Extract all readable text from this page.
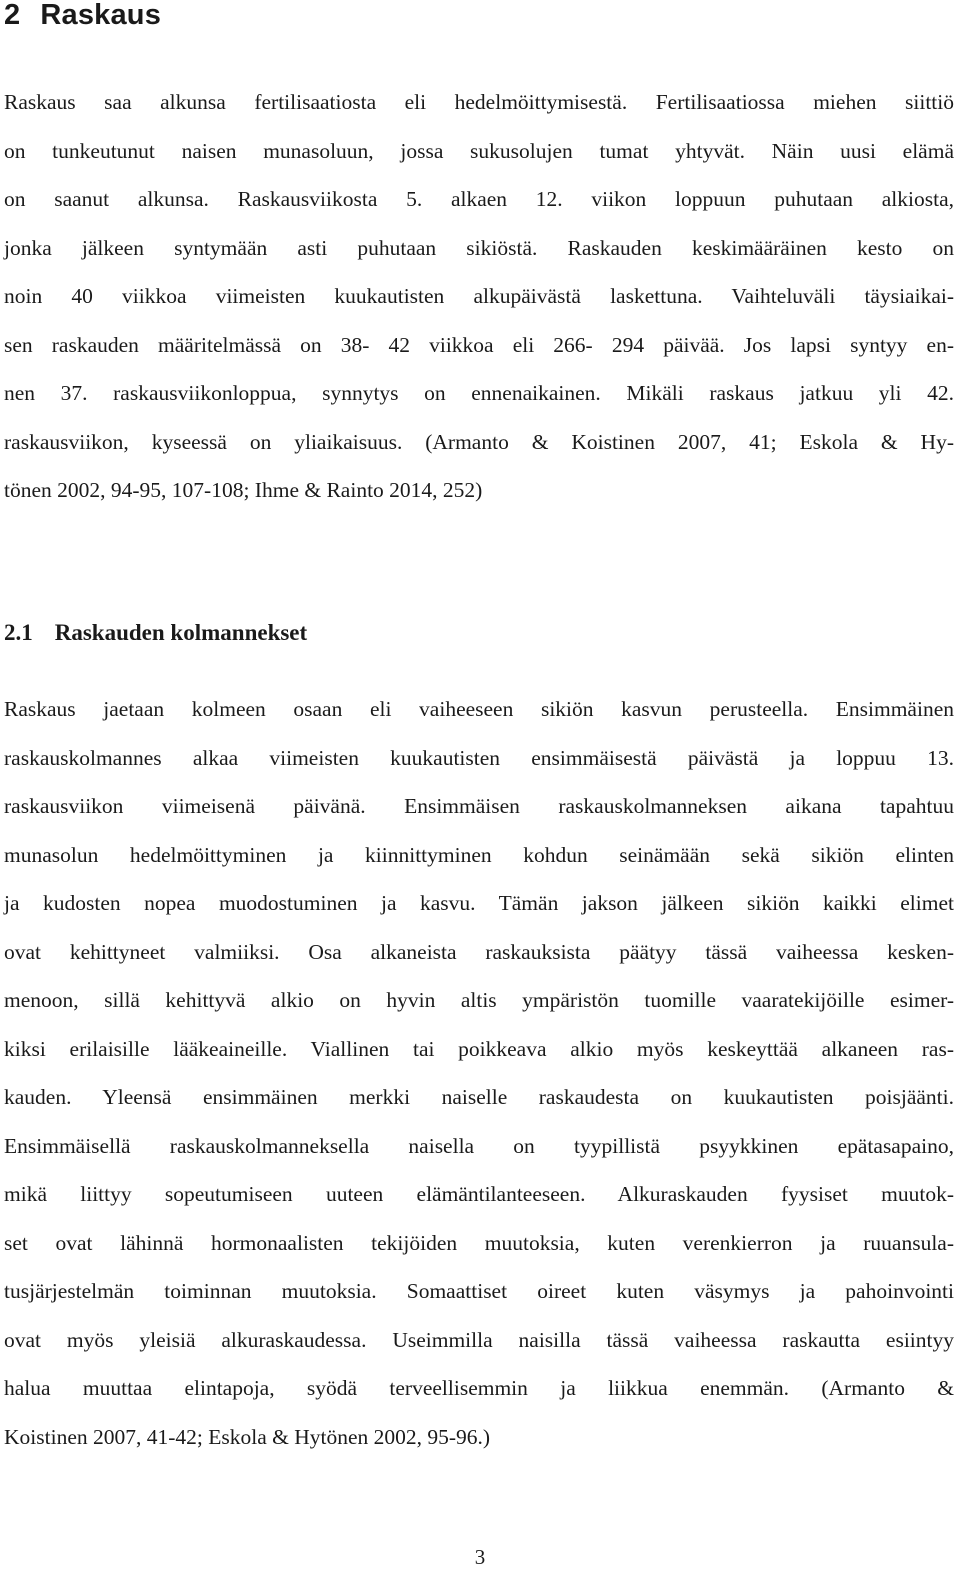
2 Raskaus

Raskaus saa alkunsa fertilisaatiosta eli hedelmöittymisestä. Fertilisaatiossa miehen siittiö
on tunkeutunut naisen munasoluun, jossa sukusolujen tumat yhtyvät. Näin uusi elämä
on saanut alkunsa. Raskausviikosta 5. alkaen 12. viikon loppuun puhutaan alkiosta,
jonka jälkeen syntymään asti puhutaan sikiöstä. Raskauden keskimääräinen kesto on
noin 40 viikkoa viimeisten kuukautisten alkupäivästä laskettuna. Vaihteluväli täysiaikai-
sen raskauden määritelmässä on 38- 42 viikkoa eli 266- 294 päivää. Jos lapsi syntyy en-
nen 37. raskausviikonloppua, synnytys on ennenaikainen. Mikäli raskaus jatkuu yli 42.
raskausviikon, kyseessä on yliaikaisuus. (Armanto & Koistinen 2007, 41; Eskola & Hy-
tönen 2002, 94-95, 107-108; Ihme & Rainto 2014, 252)

2.1 Raskauden kolmannekset

Raskaus jaetaan kolmeen osaan eli vaiheeseen sikiön kasvun perusteella. Ensimmäinen
raskauskolmannes alkaa viimeisten kuukautisten ensimmäisestä päivästä ja loppuu 13.
raskausviikon viimeisenä päivänä. Ensimmäisen raskauskolmanneksen aikana tapahtuu
munasolun hedelmöittyminen ja kiinnittyminen kohdun seinämään sekä sikiön elinten
ja kudosten nopea muodostuminen ja kasvu. Tämän jakson jälkeen sikiön kaikki elimet
ovat kehittyneet valmiiksi. Osa alkaneista raskauksista päätyy tässä vaiheessa kesken-
menoon, sillä kehittyvä alkio on hyvin altis ympäristön tuomille vaaratekijöille esimer-
kiksi erilaisille lääkeaineille. Viallinen tai poikkeava alkio myös keskeyttää alkaneen ras-
kauden. Yleensä ensimmäinen merkki naiselle raskaudesta on kuukautisten poisjäänti.
Ensimmäisellä raskauskolmanneksella naisella on tyypillistä psyykkinen epätasapaino,
mikä liittyy sopeutumiseen uuteen elämäntilanteeseen. Alkuraskauden fyysiset muutok-
set ovat lähinnä hormonaalisten tekijöiden muutoksia, kuten verenkierron ja ruuansula-
tusjärjestelmän toiminnan muutoksia. Somaattiset oireet kuten väsymys ja pahoinvointi
ovat myös yleisiä alkuraskaudessa. Useimmilla naisilla tässä vaiheessa raskautta esiintyy
halua muuttaa elintapoja, syödä terveellisemmin ja liikkua enemmän. (Armanto &
Koistinen 2007, 41-42; Eskola & Hytönen 2002, 95-96.)

3
